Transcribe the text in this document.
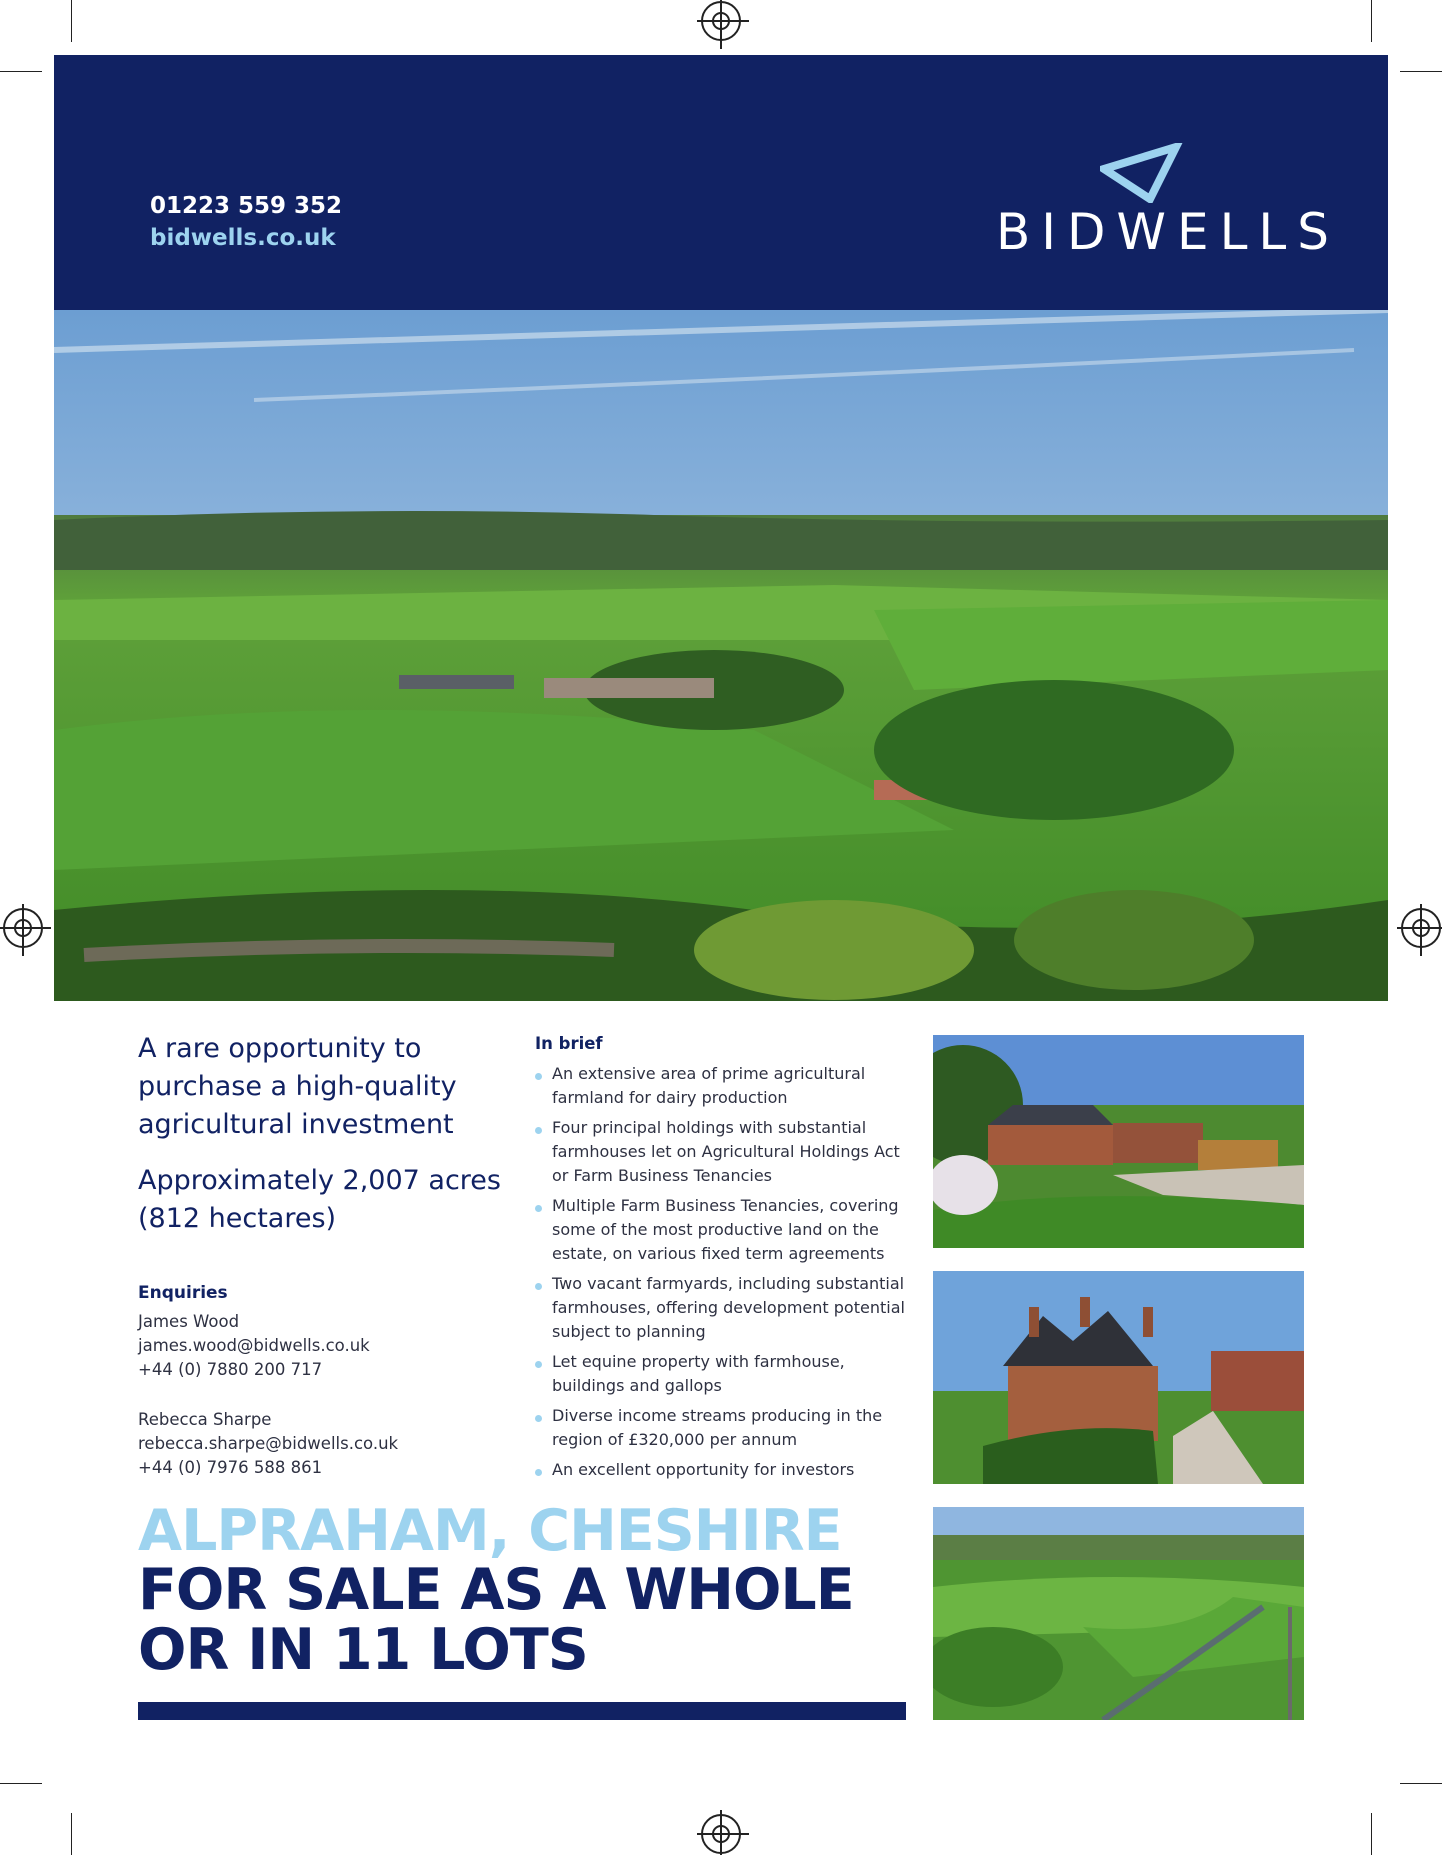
01223 559 352
bidwells.co.uk	BIDWELLS
A rare opportunity to purchase a high-quality agricultural investment
Approximately 2,007 acres
(812 hectares)
Enquiries
James Wood
james.wood@bidwells.co.uk
+44 (0) 7880 200 717
Rebecca Sharpe
rebecca.sharpe@bidwells.co.uk
+44 (0) 7976 588 861
In brief
An extensive area of prime agricultural farmland for dairy production
Four principal holdings with substantial farmhouses let on Agricultural Holdings Act or Farm Business Tenancies
Multiple Farm Business Tenancies, covering some of the most productive land on the estate, on various fixed term agreements
Two vacant farmyards, including substantial farmhouses, offering development potential subject to planning
Let equine property with farmhouse, buildings and gallops
Diverse income streams producing in the region of £320,000 per annum
An excellent opportunity for investors
ALPRAHAM, CHESHIRE
FOR SALE AS A WHOLE
OR IN 11 LOTS
